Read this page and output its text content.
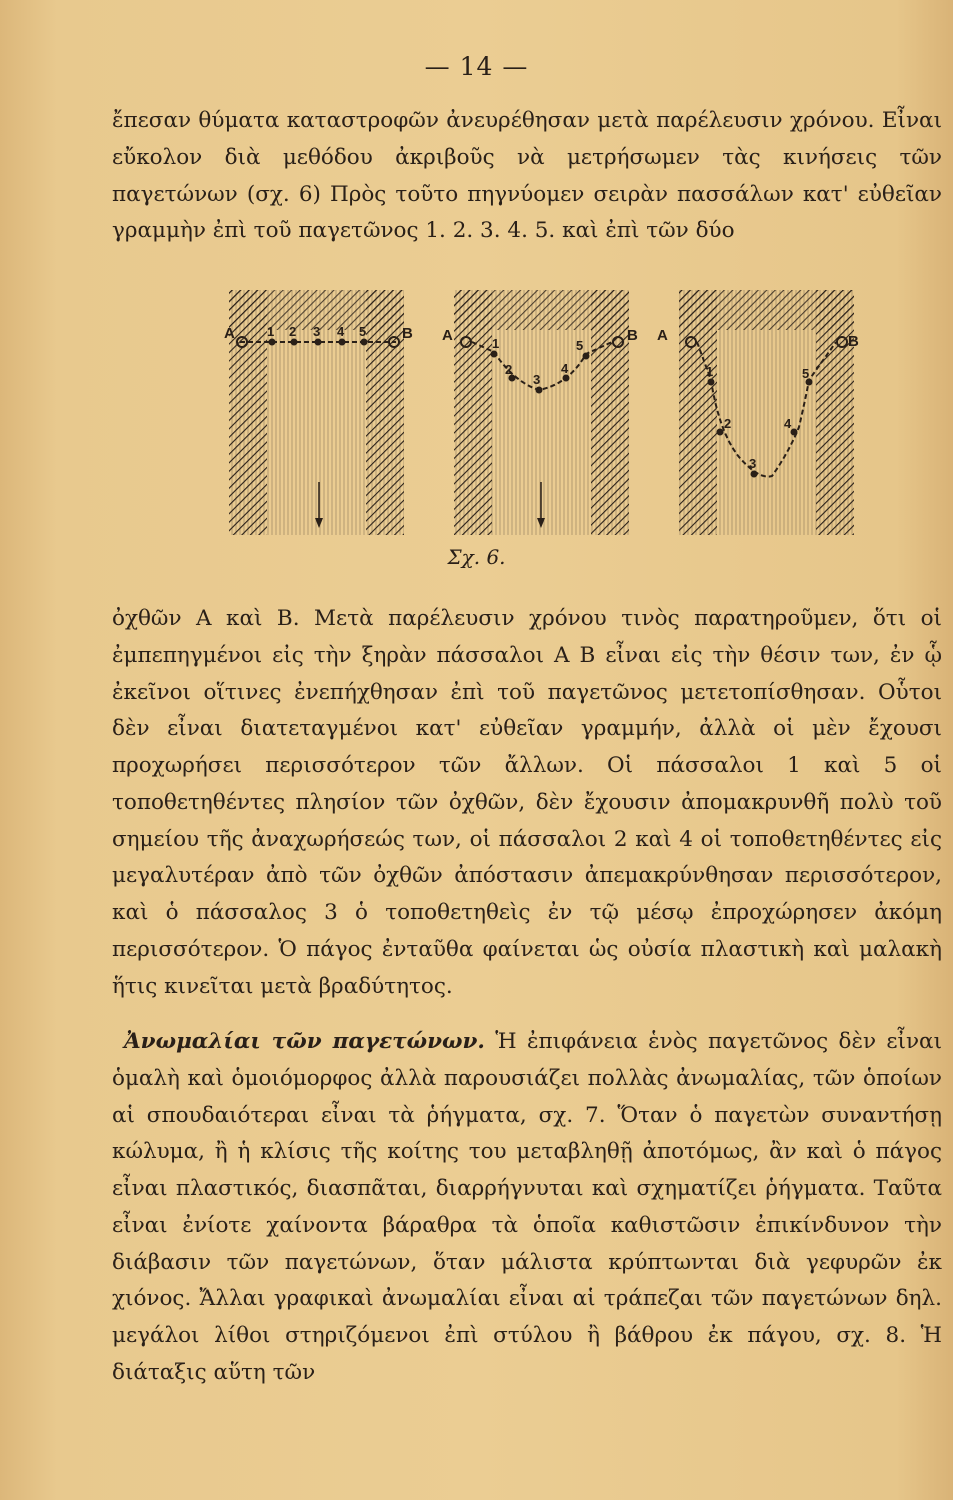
— 14 —

ἔπεσαν θύματα καταστροφῶν ἀνευρέθησαν μετὰ παρέλευσιν χρόνου. Εἶναι εὔκολον διὰ μεθόδου ἀκριβοῦς νὰ μετρήσωμεν τὰς κινήσεις τῶν παγετώνων (σχ. 6) Πρὸς τοῦτο πηγνύομεν σειρὰν πασσάλων κατ' εὐθεῖαν γραμμὴν ἐπὶ τοῦ παγετῶνος 1. 2. 3. 4. 5. καὶ ἐπὶ τῶν δύο

A	B
1 2 3 4 5	A	B
1
2
3
4
5
A	B
1
2
3
4
5
Σχ. 6.

ὀχθῶν Α καὶ Β. Μετὰ παρέλευσιν χρόνου τινὸς παρατηροῦμεν, ὅτι οἱ ἐμπεπηγμένοι εἰς τὴν ξηρὰν πάσσαλοι Α Β εἶναι εἰς τὴν θέσιν των, ἐν ᾧ ἐκεῖνοι οἵτινες ἐνεπήχθησαν ἐπὶ τοῦ παγετῶνος μετετοπίσθησαν. Οὗτοι δὲν εἶναι διατεταγμένοι κατ' εὐθεῖαν γραμμήν, ἀλλὰ οἱ μὲν ἔχουσι προχωρήσει περισσότερον τῶν ἄλλων. Οἱ πάσσαλοι 1 καὶ 5 οἱ τοποθετηθέντες πλησίον τῶν ὀχθῶν, δὲν ἔχουσιν ἀπομακρυνθῆ πολὺ τοῦ σημείου τῆς ἀναχωρήσεώς των, οἱ πάσσαλοι 2 καὶ 4 οἱ τοποθετηθέντες εἰς μεγαλυτέραν ἀπὸ τῶν ὀχθῶν ἀπόστασιν ἀπεμακρύνθησαν περισσότερον, καὶ ὁ πάσσαλος 3 ὁ τοποθετηθεὶς ἐν τῷ μέσῳ ἐπροχώρησεν ἀκόμη περισσότερον. Ὁ πάγος ἐνταῦθα φαίνεται ὡς οὐσία πλαστικὴ καὶ μαλακὴ ἥτις κινεῖται μετὰ βραδύτητος.

Ἀνωμαλίαι τῶν παγετώνων. Ἡ ἐπιφάνεια ἑνὸς παγετῶνος δὲν εἶναι ὁμαλὴ καὶ ὁμοιόμορφος ἀλλὰ παρουσιάζει πολλὰς ἀνωμαλίας, τῶν ὁποίων αἱ σπουδαιότεραι εἶναι τὰ ῥήγματα, σχ. 7. Ὅταν ὁ παγετὼν συναντήσῃ κώλυμα, ἢ ἡ κλίσις τῆς κοίτης του μεταβληθῇ ἀποτόμως, ἂν καὶ ὁ πάγος εἶναι πλαστικός, διασπᾶται, διαρρήγνυται καὶ σχηματίζει ῥήγματα. Ταῦτα εἶναι ἐνίοτε χαίνοντα βάραθρα τὰ ὁποῖα καθιστῶσιν ἐπικίνδυνον τὴν διάβασιν τῶν παγετώνων, ὅταν μάλιστα κρύπτωνται διὰ γεφυρῶν ἐκ χιόνος. Ἄλλαι γραφικαὶ ἀνωμαλίαι εἶναι αἱ τράπεζαι τῶν παγετώνων δηλ. μεγάλοι λίθοι στηριζόμενοι ἐπὶ στύλου ἢ βάθρου ἐκ πάγου, σχ. 8. Ἡ διάταξις αὕτη τῶν
